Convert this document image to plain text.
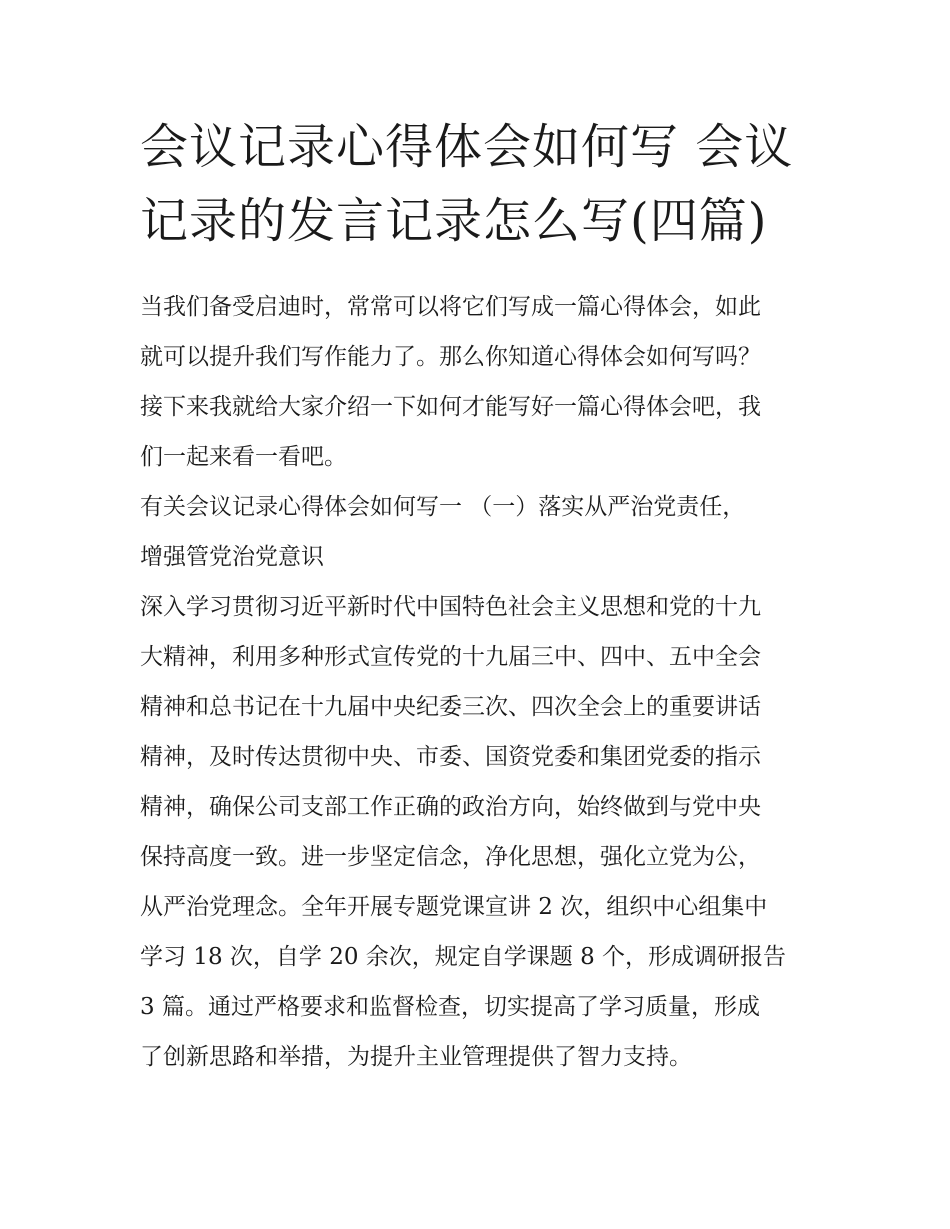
会议记录心得体会如何写 会议
记录的发言记录怎么写(四篇)

当我们备受启迪时，常常可以将它们写成一篇心得体会，如此
就可以提升我们写作能力了。那么你知道心得体会如何写吗？
接下来我就给大家介绍一下如何才能写好一篇心得体会吧，我
们一起来看一看吧。

有关会议记录心得体会如何写一 （一）落实从严治党责任，
增强管党治党意识

深入学习贯彻习近平新时代中国特色社会主义思想和党的十九
大精神，利用多种形式宣传党的十九届三中、四中、五中全会
精神和总书记在十九届中央纪委三次、四次全会上的重要讲话
精神，及时传达贯彻中央、市委、国资党委和集团党委的指示
精神，确保公司支部工作正确的政治方向，始终做到与党中央
保持高度一致。进一步坚定信念，净化思想，强化立党为公，
从严治党理念。全年开展专题党课宣讲 2 次，组织中心组集中
学习 18 次，自学 20 余次，规定自学课题 8 个，形成调研报告
3 篇。通过严格要求和监督检查，切实提高了学习质量，形成
了创新思路和举措，为提升主业管理提供了智力支持。
